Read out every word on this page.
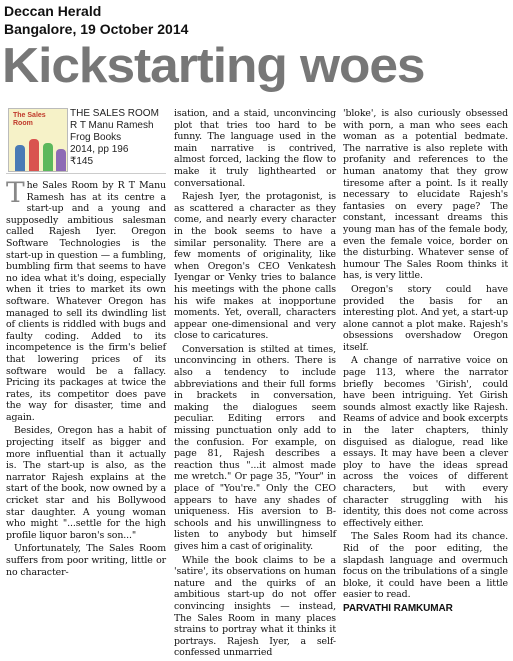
Deccan Herald
Bangalore, 19 October 2014
Kickstarting woes
The Sales Room
THE SALES ROOM
R T Manu Ramesh
Frog Books
2014, pp 196
₹145

The Sales Room by R T Manu Ramesh has at its centre a start-up and a young and supposedly ambitious salesman called Rajesh Iyer. Oregon Software Technologies is the start-up in question — a fumbling, bumbling firm that seems to have no idea what it's doing, especially when it tries to market its own software. Whatever Oregon has managed to sell its dwindling list of clients is riddled with bugs and faulty coding. Added to its incompetence is the firm's belief that lowering prices of its software would be a fallacy. Pricing its packages at twice the rates, its competitor does pave the way for disaster, time and again.

Besides, Oregon has a habit of projecting itself as bigger and more influential than it actually is. The start-up is also, as the narrator Rajesh explains at the start of the book, now owned by a cricket star and his Bollywood star daughter. A young woman who might "...settle for the high profile liquor baron's son..."

Unfortunately, The Sales Room suffers from poor writing, little or no character-

isation, and a staid, unconvincing plot that tries too hard to be funny. The language used in the main narrative is contrived, almost forced, lacking the flow to make it truly lighthearted or conversational.

Rajesh Iyer, the protagonist, is as scattered a character as they come, and nearly every character in the book seems to have a similar personality. There are a few moments of originality, like when Oregon's CEO Venkatesh Iyengar or Venky tries to balance his meetings with the phone calls his wife makes at inopportune moments. Yet, overall, characters appear one-dimensional and very close to caricatures.

Conversation is stilted at times, unconvincing in others. There is also a tendency to include abbreviations and their full forms in brackets in conversation, making the dialogues seem peculiar. Editing errors and missing punctuation only add to the confusion. For example, on page 81, Rajesh describes a reaction thus "...it almost made me wretch." Or page 35, "Your" in place of "You're." Only the CEO appears to have any shades of uniqueness. His aversion to B-schools and his unwillingness to listen to anybody but himself gives him a cast of originality.

While the book claims to be a 'satire', its observations on human nature and the quirks of an ambitious start-up do not offer convincing insights — instead, The Sales Room in many places strains to portray what it thinks it portrays. Rajesh Iyer, a self-confessed unmarried

'bloke', is also curiously obsessed with porn, a man who sees each woman as a potential bedmate. The narrative is also replete with profanity and references to the human anatomy that they grow tiresome after a point. Is it really necessary to elucidate Rajesh's fantasies on every page? The constant, incessant dreams this young man has of the female body, even the female voice, border on the disturbing. Whatever sense of humour The Sales Room thinks it has, is very little.

Oregon's story could have provided the basis for an interesting plot. And yet, a start-up alone cannot a plot make. Rajesh's obsessions overshadow Oregon itself.

A change of narrative voice on page 113, where the narrator briefly becomes 'Girish', could have been intriguing. Yet Girish sounds almost exactly like Rajesh. Reams of advice and book excerpts in the later chapters, thinly disguised as dialogue, read like essays. It may have been a clever ploy to have the ideas spread across the voices of different characters, but with every character struggling with his identity, this does not come across effectively either.

The Sales Room had its chance. Rid of the poor editing, the slapdash language and overmuch focus on the tribulations of a single bloke, it could have been a little easier to read.

PARVATHI RAMKUMAR
